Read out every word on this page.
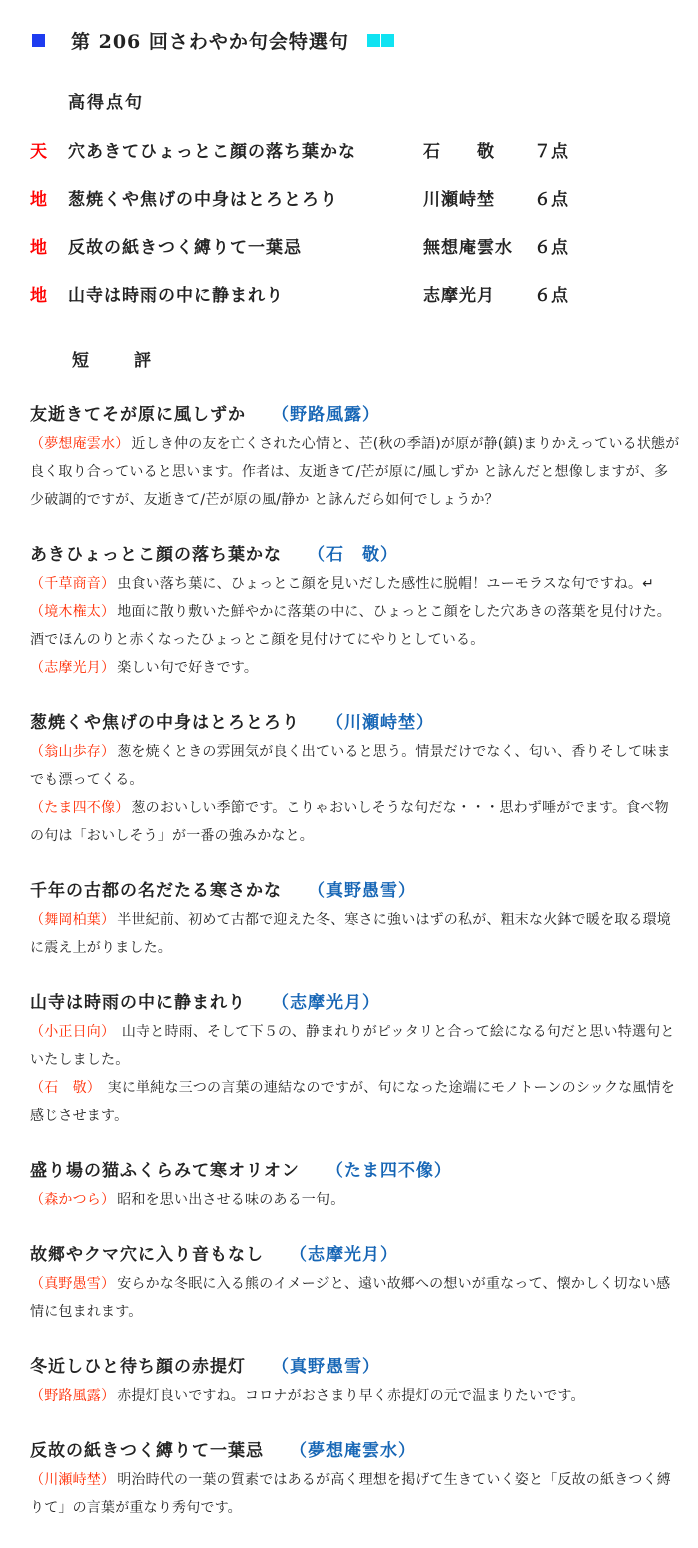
第 206 回さわやか句会特選句
高得点句
天 穴あきてひょっとこ顔の落ち葉かな	石　　敬 ７点
地 葱焼くや焦げの中身はとろとろり	川瀬峙埜 ６点
地 反故の紙きつく縛りて一葉忌	無想庵雲水 ６点
地 山寺は時雨の中に静まれり	志摩光月 ６点
短　評
友逝きてそが原に風しずか （野路風露）
（夢想庵雲水） 近しき仲の友を亡くされた心情と、芒(秋の季語)が原が静(鎮)まりかえっている状態が良く取り合っていると思います。作者は、友逝きて/芒が原に/風しずか と詠んだと想像しますが、多少破調的ですが、友逝きて/芒が原の風/静か と詠んだら如何でしょうか？
あきひょっとこ顔の落ち葉かな （石　敬）
（千草商音） 虫食い落ち葉に、ひょっとこ顔を見いだした感性に脱帽！ユーモラスな句ですね。↵
（境木権太） 地面に散り敷いた鮮やかに落葉の中に、ひょっとこ顔をした穴あきの落葉を見付けた。酒でほんのりと赤くなったひょっとこ顔を見付けてにやりとしている。
（志摩光月） 楽しい句で好きです。
葱焼くや焦げの中身はとろとろり （川瀬峙埜）
（翁山歩存） 葱を焼くときの雰囲気が良く出ていると思う。情景だけでなく、匂い、香りそして味までも漂ってくる。
（たま四不像） 葱のおいしい季節です。こりゃおいしそうな句だな・・・思わず唾がでます。食べ物の句は「おいしそう」が一番の強みかなと。
千年の古都の名だたる寒さかな （真野愚雪）
（舞岡柏葉） 半世紀前、初めて古都で迎えた冬、寒さに強いはずの私が、粗末な火鉢で暖を取る環境に震え上がりました。
山寺は時雨の中に静まれり （志摩光月）
（小正日向） 山寺と時雨、そして下５の、静まれりがピッタリと合って絵になる句だと思い特選句といたしました。
（石　敬） 実に単純な三つの言葉の連結なのですが、句になった途端にモノトーンのシックな風情を感じさせます。
盛り場の猫ふくらみて寒オリオン （たま四不像）
（森かつら） 昭和を思い出させる味のある一句。
故郷やクマ穴に入り音もなし （志摩光月）
（真野愚雪） 安らかな冬眠に入る熊のイメージと、遠い故郷への想いが重なって、懐かしく切ない感情に包まれます。
冬近しひと待ち顔の赤提灯 （真野愚雪）
（野路風露） 赤提灯良いですね。コロナがおさまり早く赤提灯の元で温まりたいです。
反故の紙きつく縛りて一葉忌 （夢想庵雲水）
（川瀬峙埜） 明治時代の一葉の質素ではあるが高く理想を掲げて生きていく姿と「反故の紙きつく縛りて」の言葉が重なり秀句です。
